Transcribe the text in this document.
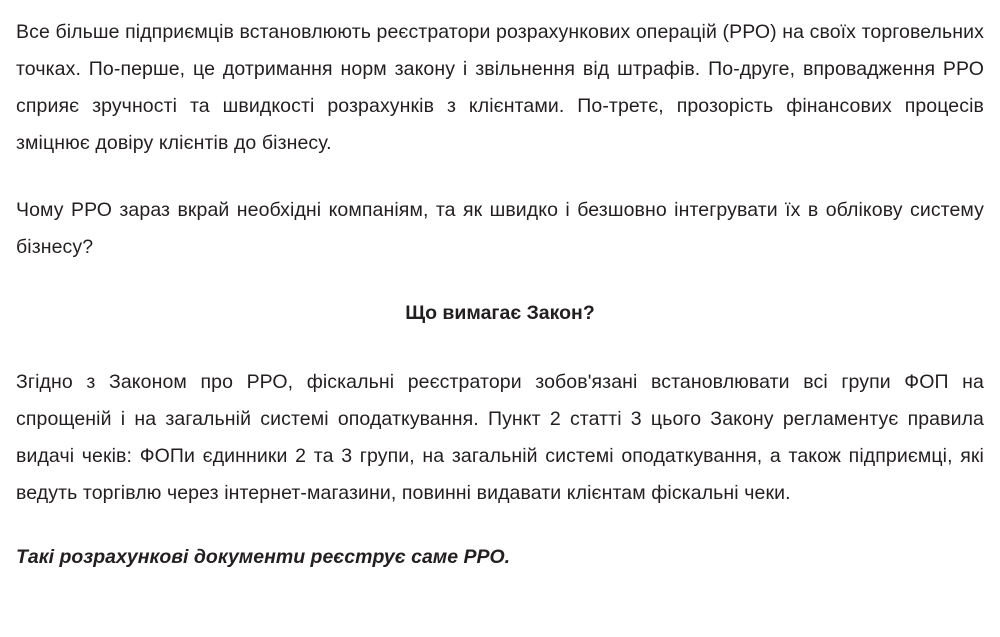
Все більше підприємців встановлюють реєстратори розрахункових операцій (РРО) на своїх торговельних точках. По-перше, це дотримання норм закону і звільнення від штрафів. По-друге, впровадження РРО сприяє зручності та швидкості розрахунків з клієнтами. По-третє, прозорість фінансових процесів зміцнює довіру клієнтів до бізнесу.

Чому РРО зараз вкрай необхідні компаніям, та як швидко і безшовно інтегрувати їх в облікову систему бізнесу?

Що вимагає Закон?

Згідно з Законом про РРО, фіскальні реєстратори зобов'язані встановлювати всі групи ФОП на спрощеній і на загальній системі оподаткування. Пункт 2 статті 3 цього Закону регламентує правила видачі чеків: ФОПи єдинники 2 та 3 групи, на загальній системі оподаткування, а також підприємці, які ведуть торгівлю через інтернет-магазини, повинні видавати клієнтам фіскальні чеки.

Такі розрахункові документи реєструє саме РРО.
